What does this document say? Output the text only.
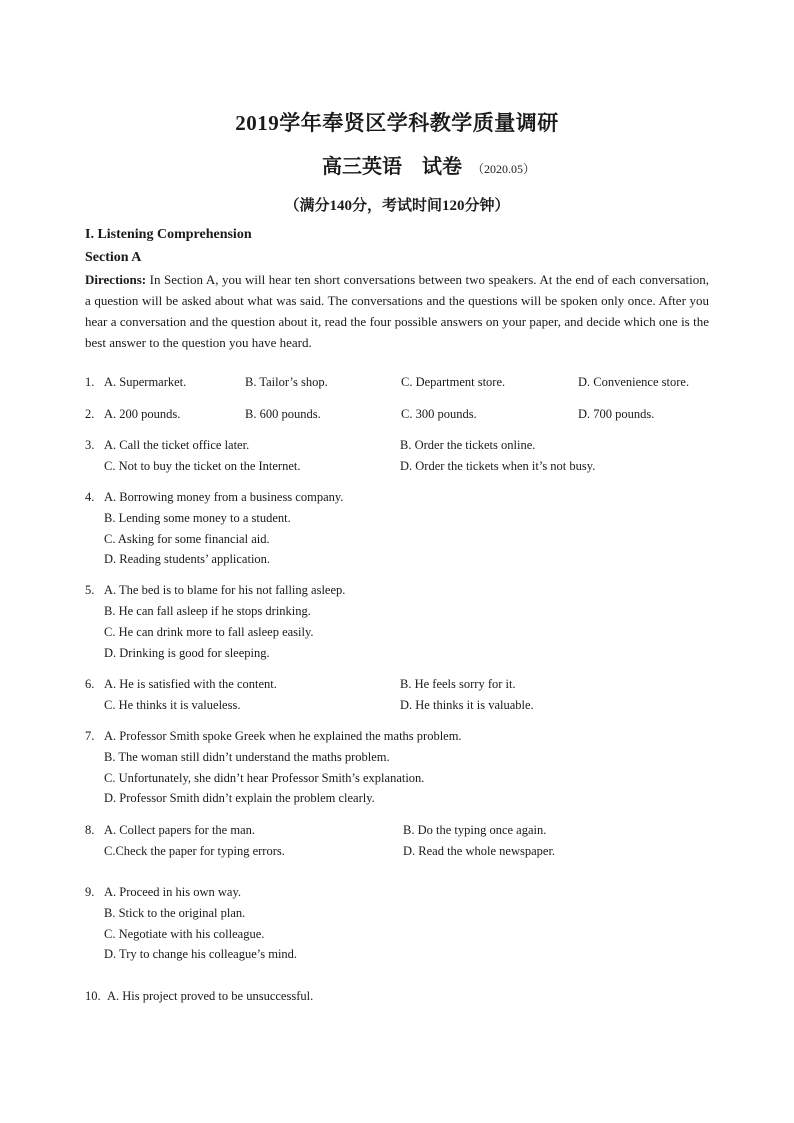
2019学年奉贤区学科教学质量调研
高三英语　试卷 （2020.05）
（满分140分，考试时间120分钟）
I. Listening Comprehension
Section A
Directions: In Section A, you will hear ten short conversations between two speakers. At the end of each conversation, a question will be asked about what was said. The conversations and the questions will be spoken only once. After you hear a conversation and the question about it, read the four possible answers on your paper, and decide which one is the best answer to the question you have heard.
1. A. Supermarket.	B. Tailor’s shop.	C. Department store.	D. Convenience store.
2. A. 200 pounds.	B. 600 pounds.	C. 300 pounds.	D. 700 pounds.
3. A. Call the ticket office later.	B. Order the tickets online.
C. Not to buy the ticket on the Internet.	D. Order the tickets when it’s not busy.
4. A. Borrowing money from a business company.
B. Lending some money to a student.
C. Asking for some financial aid.
D. Reading students’ application.
5. A. The bed is to blame for his not falling asleep.
B. He can fall asleep if he stops drinking.
C. He can drink more to fall asleep easily.
D. Drinking is good for sleeping.
6. A. He is satisfied with the content.	B. He feels sorry for it.
C. He thinks it is valueless.	D. He thinks it is valuable.
7. A. Professor Smith spoke Greek when he explained the maths problem.
B. The woman still didn’t understand the maths problem.
C. Unfortunately, she didn’t hear Professor Smith’s explanation.
D. Professor Smith didn’t explain the problem clearly.
8. A. Collect papers for the man.	B. Do the typing once again.
C.Check the paper for typing errors.	D. Read the whole newspaper.
9. A. Proceed in his own way.
B. Stick to the original plan.
C. Negotiate with his colleague.
D. Try to change his colleague’s mind.
10. A. His project proved to be unsuccessful.
